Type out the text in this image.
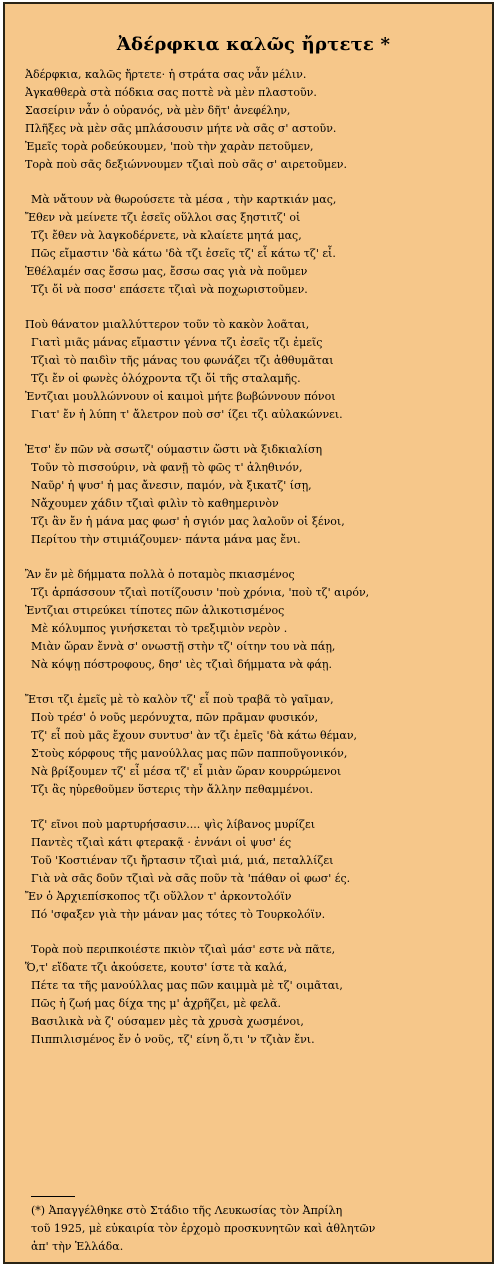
Ἀδέρφκια καλῶς ἤρτετε *
Ἀδέρφκια, καλῶς ἤρτετε· ἡ στράτα σας νἆν μέλιν.
Ἀγκαθθερὰ στὰ πόδκια σας ποττὲ νὰ μὲν πλαστοῦν.
Σασείριν νἆν ὁ οὐρανός, νὰ μὲν δῆτ' ἀνεφέλην,
Πλῆξες νὰ μὲν σᾶς μπλάσουσιν μήτε νὰ σᾶς σ' αστοῦν.
Ἐμεῖς τορὰ ροδεύκουμεν, 'ποὺ τὴν χαρὰν πετοῦμεν,
Τορὰ ποὺ σᾶς δεξιώννουμεν τζιαὶ ποὺ σᾶς σ' αιρετοῦμεν.
Μὰ νἄτουν νὰ θωρούσετε τὰ μέσα , τὴν καρτκιάν μας,
Ἔθεν νὰ μείνετε τζι ἐσεῖς οὕλλοι σας ξηστιτζ' οἰ
Τζι ἔθεν νὰ λαγκοδέρνετε, νὰ κλαίετε μητά μας,
Πῶς εἴμαστιν 'δὰ κάτω 'δὰ τζι ἐσεῖς τζ' εἶ κάτω τζ' εἶ.
Ἐθέλαμέν σας ἔσσω μας, ἔσσω σας γιὰ νὰ ποῦμεν
Τζι ὄἰ νὰ ποσσ' επάσετε τζιαὶ νὰ ποχωριστοῦμεν.
Ποὺ θάνατον μιαλλύττερον τοῦν τὸ κακὸν λοᾶται,
Γιατὶ μιᾶς μάνας εἴμαστιν γέννα τζι ἐσεῖς τζι ἐμεῖς
Τζιαὶ τὸ παιδὶν τῆς μάνας του φωνάζει τζι ἀθθυμᾶται
Τζι ἔν οἱ φωνὲς ὀλόχροντα τζι ὄἰ τῆς σταλαμῆς.
Ἐντζιαι μουλλώννουν οἱ καιμοὶ μήτε βωβώννουν πόνοι
Γιατ' ἔν ἡ λύπη τ' ἄλετρον ποὺ σσ' ίζει τζι αὐλακώννει.
Ἐτσ' ἔν πῶν νὰ σσωτζ' ούμαστιν ὥστι νὰ ξιδκιαλίση
Τοῦν τὸ πισσούριν, νὰ φανῇ τὸ φῶς τ' ἀληθινόν,
Ναῦρ' ἡ ψυσ' ἡ μας ἄνεσιν, παμόν, νὰ ξικατζ' ίσῃ,
Νἄχουμεν χάδιν τζιαὶ φιλὶν τὸ καθημερινὸν
Τζι ἂν ἔν ἡ μάνα μας φωσ' ἡ σγιόν μας λαλοῦν οἱ ξένοι,
Περίτου τὴν στιμιάζουμεν· πάντα μάνα μας ἔνι.
Ἂν ἔν μὲ δήμματα πολλὰ ὁ ποταμὸς πκιασμένος
Τζι ἁρπάσσουν τζιαὶ ποτίζουσιν 'ποὺ χρόνια, 'ποὺ τζ' αιρόν,
Ἐντζιαι στιρεύκει τίποτες πῶν ἁλικοτισμένος
Μὲ κόλυμπος γινήσκεται τὸ τρεξιμιὸν νερὸν .
Μιὰν ὥραν ἔννὰ σ' ονωστῇ στὴν τζ' οίτην του νὰ πάῃ,
Νὰ κόψῃ πόστροφους, δησ' ιὲς τζιαὶ δήμματα νὰ φάῃ.
Ἔτσι τζι ἐμεῖς μὲ τὸ καλὸν τζ' εἶ ποὺ τραβᾶ τὸ γαῖμαν,
Ποὺ τρέσ' ὁ νοῦς μερόνυχτα, πῶν πρᾶμαν φυσικόν,
Τζ' εἶ ποὺ μᾶς ἔχουν συντυσ' ὰν τζι ἐμεῖς 'δὰ κάτω θέμαν,
Στοὺς κόρφους τῆς μανούλλας μας πῶν παπποῦγονικόν,
Νὰ βρίξουμεν τζ' εἶ μέσα τζ' εἶ μιὰν ὥραν κουρρώμενοι
Τζι ἂς ηὑρεθοῦμεν ὕστερις τὴν ἄλλην πεθαμμένοι.
Τζ' εῖνοι ποὺ μαρτυρήσασιν.... ψὶς λίβανος μυρίζει
Παντὲς τζιαὶ κάτι φτερακᾷ · ἐννάνι οἱ ψυσ' ές
Τοῦ 'Κοστιέναν τζι ἤρτασιν τζιαὶ μιά, μιά, πεταλλίζει
Γιὰ νὰ σᾶς δοῦν τζιαὶ νὰ σᾶς ποῦν τὰ 'πάθαν οἱ φωσ' ές.
Ἔν ὁ Ἀρχιεπίσκοπος τζι οὕλλον τ' ἀρκοντολόϊν
Πό 'σφαξεν γιὰ τὴν μάναν μας τότες τὸ Τουρκολόϊν.
Τορὰ ποὺ περιπκοιέστε πκιὸν τζιαὶ μάσ' εστε νὰ πᾶτε,
Ὅ,τ' εἴδατε τζι ἀκούσετε, κουτσ' ίστε τὰ καλά,
Πέτε τα τῆς μανούλλας μας πῶν καιμμὰ μὲ τζ' οιμᾶται,
Πῶς ἡ ζωή μας δίχα της μ' ἀχρῆζει, μὲ φελᾶ.
Βασιλικὰ νὰ ζ' ούσαμεν μὲς τὰ χρυσὰ χωσμένοι,
Πιππιλισμένος ἔν ὁ νοῦς, τζ' είνη ὅ,τι 'ν τζιὰν ἔνι.
(*) Ἀπαγγέλθηκε στὸ Στάδιο τῆς Λευκωσίας τὸν Ἀπρίλη
τοῦ 1925, μὲ εὐκαιρία τὸν ἐρχομὸ προσκυνητῶν καὶ ἀθλητῶν
ἀπ' τὴν Ἑλλάδα.
